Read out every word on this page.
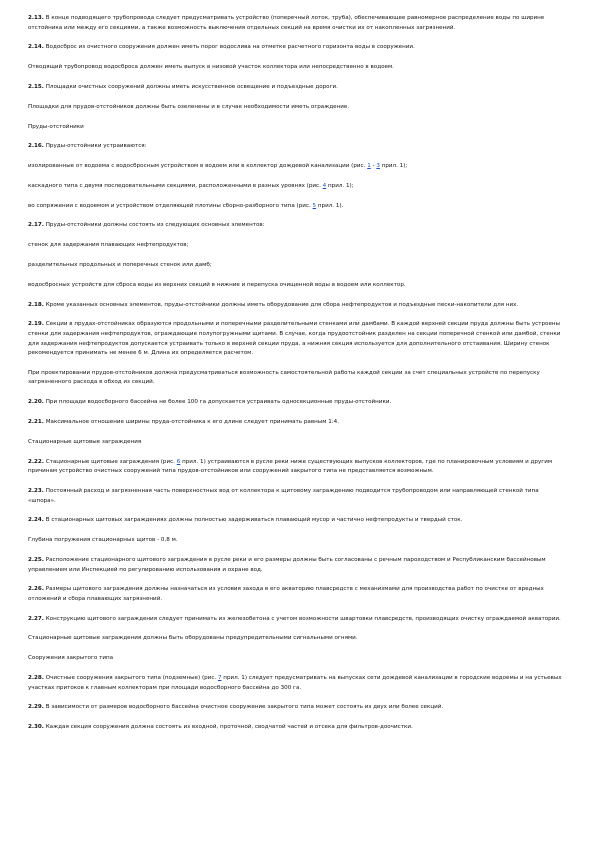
2.13. В конце подводящего трубопровода следует предусматривать устройство (поперечный лоток, труба), обеспечивающее равномерное распределение воды по ширине отстойника или между его секциями, а также возможность выключения отдельных секций на время очистки их от накопленных загрязнений.

2.14. Водосброс из очистного сооружения должен иметь порог водослива на отметке расчетного горизонта воды в сооружении.

Отводящий трубопровод водосброса должен иметь выпуск в низовой участок коллектора или непосредственно в водоем.

2.15. Площадки очистных сооружений должны иметь искусственное освещение и подъездные дороги.

Площадки для прудов-отстойников должны быть озеленены и в случае необходимости иметь ограждение.

Пруды-отстойники

2.16. Пруды-отстойники устраиваются:

изолированные от водоема с водосбросным устройством в водоем или в коллектор дождевой канализации (рис. 1 - 3 прил. 1);

каскадного типа с двумя последовательными секциями, расположенными в разных уровнях (рис. 4 прил. 1);

во сопряжении с водоемом и устройством отделяющей плотины сборно-разборного типа (рис. 5 прил. 1).

2.17. Пруды-отстойники должны состоять из следующих основных элементов:

стенок для задержания плавающих нефтепродуктов;

разделительных продольных и поперечных стенок или дамб;

водосбросных устройств для сброса воды из верхних секций в нижние и перепуска очищенной воды в водоем или коллектор.

2.18. Кроме указанных основных элементов, пруды-отстойники должны иметь оборудование для сбора нефтепродуктов и подъездные пески-накопители для них.

2.19. Секции в прудах-отстойниках образуются продольными и поперечными разделительными стенками или дамбами. В каждой верхней секции пруда должны быть устроены стенки для задержания нефтепродуктов, ограждающие полупогружными щитами. В случае, когда прудоотстойник разделен на секции поперечной стенкой или дамбой, стенки для задержания нефтепродуктов допускается устраивать только в верхней секции пруда, а нижняя секция используется для дополнительного отстаивания. Ширину стенок рекомендуется принимать не менее 6 м. Длина их определяется расчетом.

При проектировании прудов-отстойников должна предусматриваться возможность самостоятельной работы каждой секции за счет специальных устройств по перепуску загрязненного расхода в обход из секций.

2.20. При площади водосборного бассейна не более 100 га допускается устраивать односекционные пруды-отстойники.

2.21. Максимальное отношение ширины пруда-отстойника к его длине следует принимать равным 1:4.

Стационарные щитовые заграждения

2.22. Стационарные щитовые заграждения (рис. 6 прил. 1) устраиваются в русле реки ниже существующих выпусков коллекторов, где по планировочным условиям и другим причинам устройство очистных сооружений типа прудов-отстойников или сооружений закрытого типа не представляется возможным.

2.23. Постоянный расход и загрязненная часть поверхностных вод от коллектора к щитовому заграждению подводится трубопроводом или направляющей стенкой типа «шпора».

2.24. В стационарных щитовых заграждениях должны полностью задерживаться плавающий мусор и частично нефтепродукты и твердый сток.

Глубина погружения стационарных щитов - 0,8 м.

2.25. Расположение стационарного щитового заграждения в русле реки и его размеры должны быть согласованы с речным пароходством и Республиканским бассейновым управлением или Инспекцией по регулированию использования и охране вод.

2.26. Размеры щитового заграждения должны назначаться из условия захода в его акваторию плавсредств с механизмами для производства работ по очистке от вредных отложений и сбора плавающих загрязнений.

2.27. Конструкцию щитового заграждения следует принимать из железобетона с учетом возможности швартовки плавсредств, производящих очистку ограждаемой акватории.

Стационарные щитовые заграждения должны быть оборудованы предупредительными сигнальными огнями.

Сооружения закрытого типа

2.28. Очистные сооружения закрытого типа (подземные) (рис. 7 прил. 1) следует предусматривать на выпусках сети дождевой канализации в городские водоемы и на устьевых участках притоков к главным коллекторам при площади водосборного бассейна до 300 га.

2.29. В зависимости от размеров водосборного бассейна очистное сооружение закрытого типа может состоять из двух или более секций.

2.30. Каждая секция сооружения должна состоять из входной, проточной, сводчатой частей и отсека для фильтров-доочистки.
